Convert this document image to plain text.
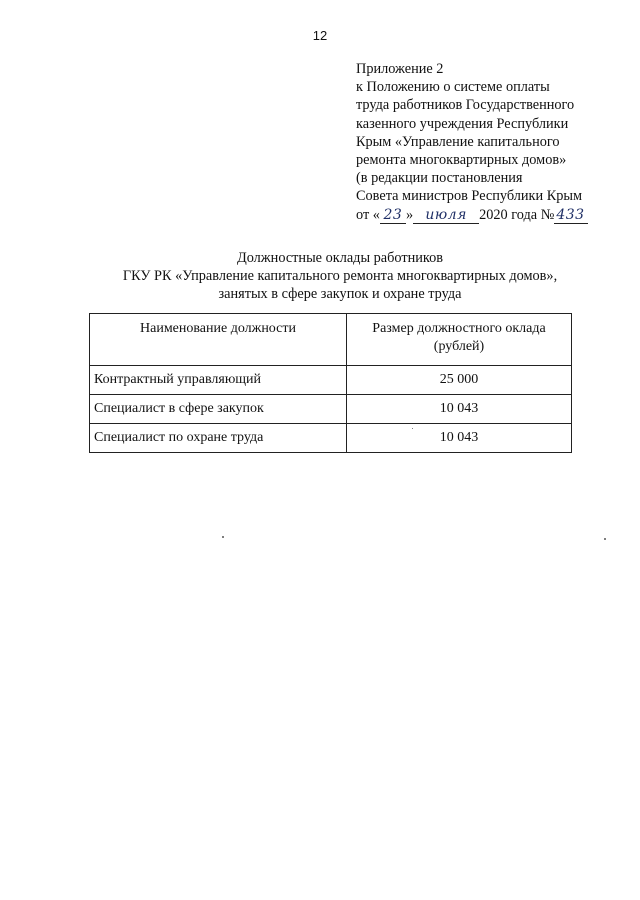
12
Приложение 2
к Положению о системе оплаты
труда работников Государственного
казенного учреждения Республики
Крым «Управление капитального
ремонта многоквартирных домов»
(в редакции постановления
Совета министров Республики Крым
от « 23 » июля 2020 года № 433
Должностные оклады работников
ГКУ РК «Управление капитального ремонта многоквартирных домов»,
занятых в сфере закупок и охране труда
Наименование должности	Размер должностного оклада
(рублей)
Контрактный управляющий	25 000
Специалист в сфере закупок	10 043
Специалист по охране труда	10 043
